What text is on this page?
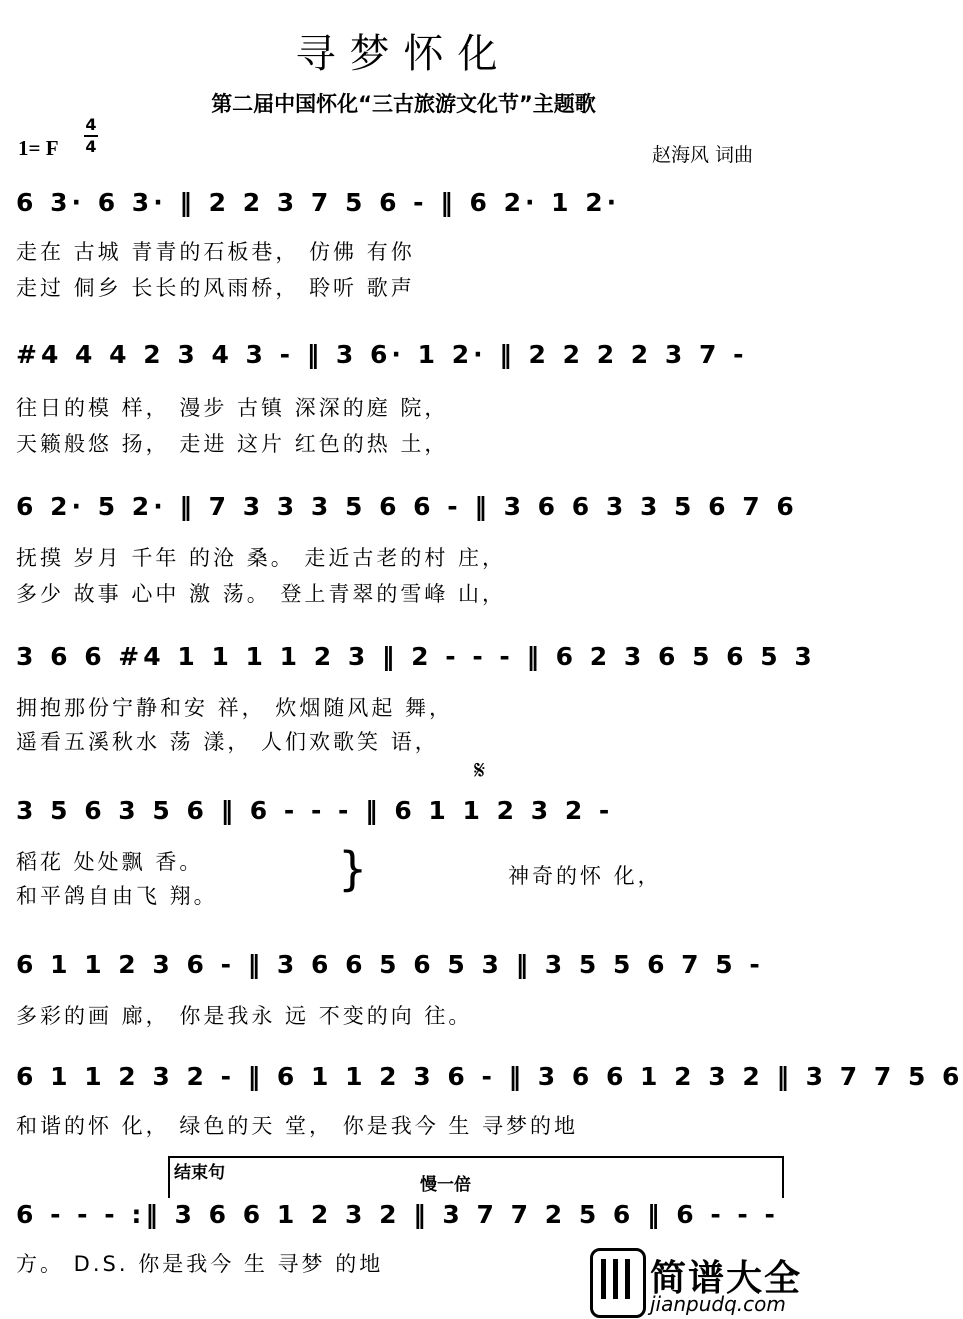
寻梦怀化
第二届中国怀化“三古旅游文化节”主题歌
1= F
4
4	赵海风 词曲
6 3· 6 3· ‖ 2 2 3 7 5 6 - ‖ 6 2· 1 2·
走在 古城 青青的石板巷， 仿佛 有你
走过 侗乡 长长的风雨桥， 聆听 歌声
#4 4 4 2 3 4 3 - ‖ 3 6· 1 2· ‖ 2 2 2 2 3 7 -
往日的模 样， 漫步 古镇 深深的庭 院，
天籁般悠 扬， 走进 这片 红色的热 土，
6 2· 5 2· ‖ 7 3 3 3 5 6 6 - ‖ 3 6 6 3 3 5 6 7 6
抚摸 岁月 千年 的沧 桑。 走近古老的村 庄，
多少 故事 心中 激 荡。 登上青翠的雪峰 山，
3 6 6 #4 1 1 1 1 2 3 ‖ 2 - - - ‖ 6 2 3 6 5 6 5 3
拥抱那份宁静和安 祥， 炊烟随风起 舞，
遥看五溪秋水 荡 漾， 人们欢歌笑 语，
𝄋
3 5 6 3 5 6 ‖ 6 - - - ‖ 6 1 1 2 3 2 -
稻花 处处飘 香。
和平鸽自由飞 翔。
神奇的怀 化，
}
6 1 1 2 3 6 - ‖ 3 6 6 5 6 5 3 ‖ 3 5 5 6 7 5 -
多彩的画 廊， 你是我永 远 不变的向 往。
6 1 1 2 3 2 - ‖ 6 1 1 2 3 6 - ‖ 3 6 6 1 2 3 2 ‖ 3 7 7 5 6
和谐的怀 化， 绿色的天 堂， 你是我今 生 寻梦的地
结束句
慢一倍
6 - - - :‖ 3 6 6 1 2 3 2 ‖ 3 7 7 2 5 6 ‖ 6 - - -
方。 D.S. 你是我今 生 寻梦 的地	简谱大全
jianpudq.com
